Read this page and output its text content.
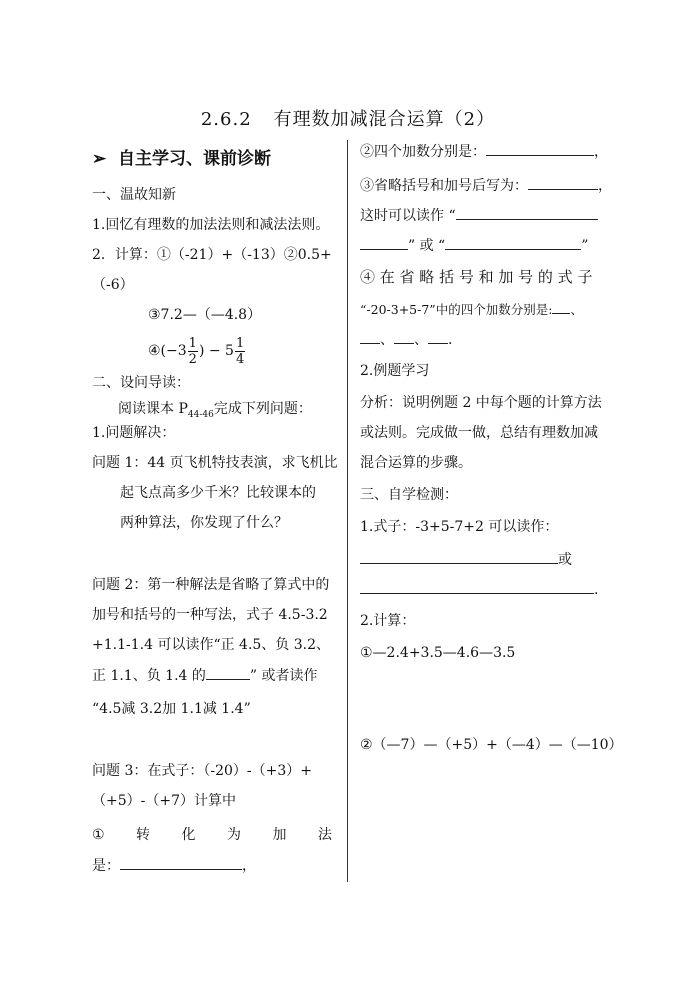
2.6.2 有理数加减混合运算（2）
➢ 自主学习、课前诊断
一、温故知新
1.回忆有理数的加法法则和减法法则。
2．计算：①（-21）+（-13）②0.5+
（-6）
③7.2—（—4.8）
④(−3 $\frac{1}{2}$ ) − $5 \frac{1}{4}$
二、设问导读：
阅读课本 $P_{44-46}$完成下列问题：
1.问题解决：
问题 1：44 页飞机特技表演，求飞机比
起飞点高多少千米？比较课本的
两种算法，你发现了什么？
问题 2：第一种解法是省略了算式中的
加号和括号的一种写法，式子 4.5-3.2
+1.1-1.4 可以读作“正 4.5、负 3.2、
正 1.1、负 1.4 的	” 或者读作
“4.5减 3.2加 1.1减 1.4”
问题 3：在式子：（-20）-（+3）+
（+5）-（+7）计算中
① 转 化 为 加 法
是：	，
②四个加数分别是：	，
③省略括号和加号后写为：	，
这时可以读作 “
” 或 “	”
④ 在 省 略 括 号 和 加 号 的 式 子
“-20-3+5-7”中的四个加数分别是: 、
、 、 .
2.例题学习
分析：说明例题 2 中每个题的计算方法
或法则。完成做一做，总结有理数加减
混合运算的步骤。
三、自学检测：
1.式子：-3+5-7+2 可以读作：
或
.
2.计算：
①—2.4+3.5—4.6—3.5
②（—7）—（+5）+（—4）—（—10）
